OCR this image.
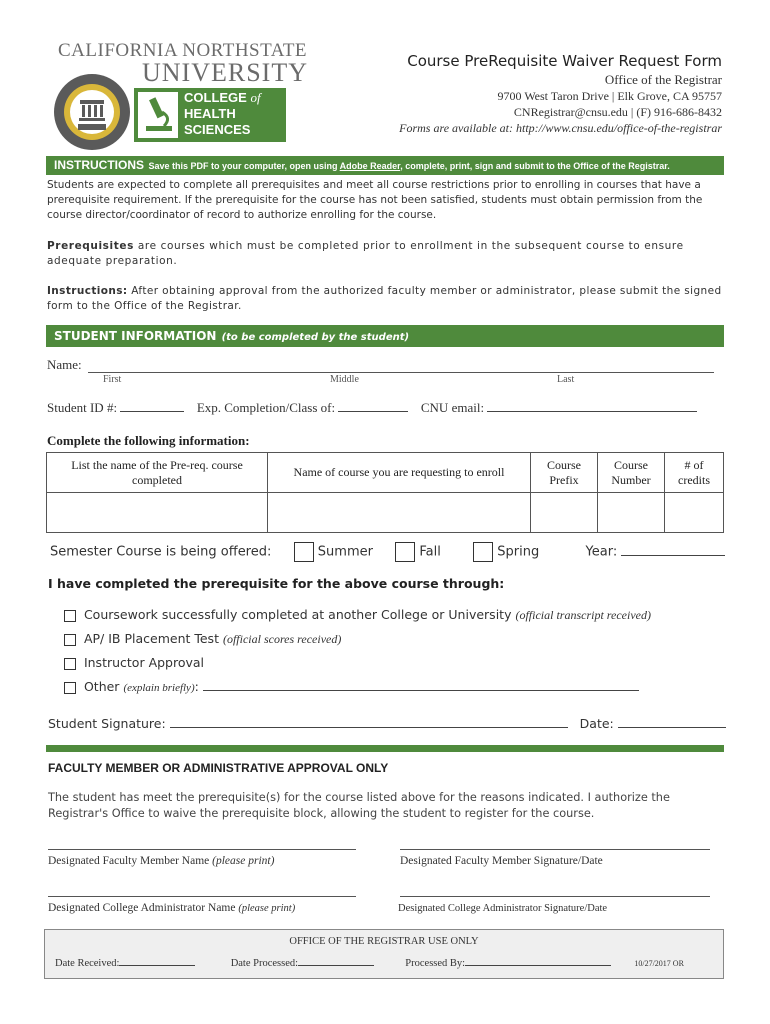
CALIFORNIA NORTHSTATE
UNIVERSITY
COLLEGE of
HEALTH
SCIENCES
Course PreRequisite Waiver Request Form
Office of the Registrar
9700 West Taron Drive | Elk Grove, CA 95757
CNRegistrar@cnsu.edu | (F) 916-686-8432
Forms are available at: http://www.cnsu.edu/office-of-the-registrar
INSTRUCTIONS Save this PDF to your computer, open using Adobe Reader, complete, print, sign and submit to the Office of the Registrar.
Students are expected to complete all prerequisites and meet all course restrictions prior to enrolling in courses that have a prerequisite requirement. If the prerequisite for the course has not been satisfied, students must obtain permission from the course director/coordinator of record to authorize enrolling for the course.
Prerequisites are courses which must be completed prior to enrollment in the subsequent course to ensure adequate preparation.
Instructions: After obtaining approval from the authorized faculty member or administrator, please submit the signed form to the Office of the Registrar.
STUDENT INFORMATION (to be completed by the student)
Name:
First	Middle	Last
Student ID #:	Exp. Completion/Class of:	CNU email:
Complete the following information:
List the name of the Pre-req. course completed	Name of course you are requesting to enroll	Course Prefix	Course Number	# of credits

Semester Course is being offered:	Summer	Fall	Spring	Year:
I have completed the prerequisite for the above course through:
Coursework successfully completed at another College or University (official transcript received)
AP/ IB Placement Test (official scores received)
Instructor Approval
Other (explain briefly):
Student Signature:	Date:
FACULTY MEMBER OR ADMINISTRATIVE APPROVAL ONLY
The student has meet the prerequisite(s) for the course listed above for the reasons indicated. I authorize the Registrar's Office to waive the prerequisite block, allowing the student to register for the course.
Designated Faculty Member Name (please print)	Designated Faculty Member Signature/Date
Designated College Administrator Name (please print)	Designated College Administrator Signature/Date
OFFICE OF THE REGISTRAR USE ONLY
Date Received:	Date Processed:	Processed By:	10/27/2017 OR
